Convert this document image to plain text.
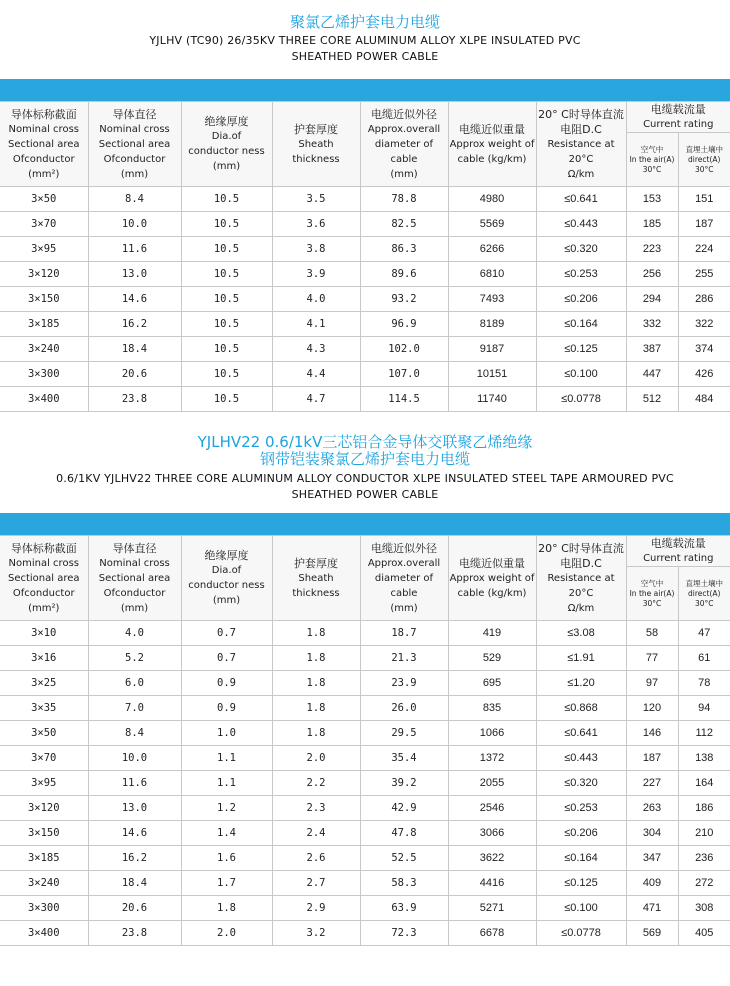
聚氯乙烯护套电力电缆
YJLHV (TC90) 26/35KV THREE CORE ALUMINUM ALLOY XLPE INSULATED PVC
SHEATHED POWER CABLE
导体标称截面
Nominal cross
Sectional area
Ofconductor
(mm²)	导体直径
Nominal cross
Sectional area
Ofconductor
(mm)	绝缘厚度
Dia.of
conductor ness
(mm)	护套厚度
Sheath
thickness	电缆近似外径
Approx.overall
diameter of cable
(mm)	电缆近似重量
Approx weight of
cable (kg/km)	20° C时导体直流
电阻D.C
Resistance at
20°C
Ω/km	电缆载流量
Current rating	

							空气中
In the air(A)
30°C	直埋土壤中
direct(A)
30°C

3×50	8.4	10.5	3.5	78.8	4980	≤0.641	153	151
3×70	10.0	10.5	3.6	82.5	5569	≤0.443	185	187
3×95	11.6	10.5	3.8	86.3	6266	≤0.320	223	224
3×120	13.0	10.5	3.9	89.6	6810	≤0.253	256	255
3×150	14.6	10.5	4.0	93.2	7493	≤0.206	294	286
3×185	16.2	10.5	4.1	96.9	8189	≤0.164	332	322
3×240	18.4	10.5	4.3	102.0	9187	≤0.125	387	374
3×300	20.6	10.5	4.4	107.0	10151	≤0.100	447	426
3×400	23.8	10.5	4.7	114.5	11740	≤0.0778	512	484
YJLHV22 0.6/1kV三芯铝合金导体交联聚乙烯绝缘
钢带铠装聚氯乙烯护套电力电缆
0.6/1KV YJLHV22 THREE CORE ALUMINUM ALLOY CONDUCTOR XLPE INSULATED STEEL TAPE ARMOURED PVC
SHEATHED POWER CABLE
导体标称截面
Nominal cross
Sectional area
Ofconductor
(mm²)	导体直径
Nominal cross
Sectional area
Ofconductor
(mm)	绝缘厚度
Dia.of
conductor ness
(mm)	护套厚度
Sheath
thickness	电缆近似外径
Approx.overall
diameter of cable
(mm)	电缆近似重量
Approx weight of
cable (kg/km)	20° C时导体直流
电阻D.C
Resistance at
20°C
Ω/km	电缆载流量
Current rating	

							空气中
In the air(A)
30°C	直埋土壤中
direct(A)
30°C

3×10	4.0	0.7	1.8	18.7	419	≤3.08	58	47
3×16	5.2	0.7	1.8	21.3	529	≤1.91	77	61
3×25	6.0	0.9	1.8	23.9	695	≤1.20	97	78
3×35	7.0	0.9	1.8	26.0	835	≤0.868	120	94
3×50	8.4	1.0	1.8	29.5	1066	≤0.641	146	112
3×70	10.0	1.1	2.0	35.4	1372	≤0.443	187	138
3×95	11.6	1.1	2.2	39.2	2055	≤0.320	227	164
3×120	13.0	1.2	2.3	42.9	2546	≤0.253	263	186
3×150	14.6	1.4	2.4	47.8	3066	≤0.206	304	210
3×185	16.2	1.6	2.6	52.5	3622	≤0.164	347	236
3×240	18.4	1.7	2.7	58.3	4416	≤0.125	409	272
3×300	20.6	1.8	2.9	63.9	5271	≤0.100	471	308
3×400	23.8	2.0	3.2	72.3	6678	≤0.0778	569	405
